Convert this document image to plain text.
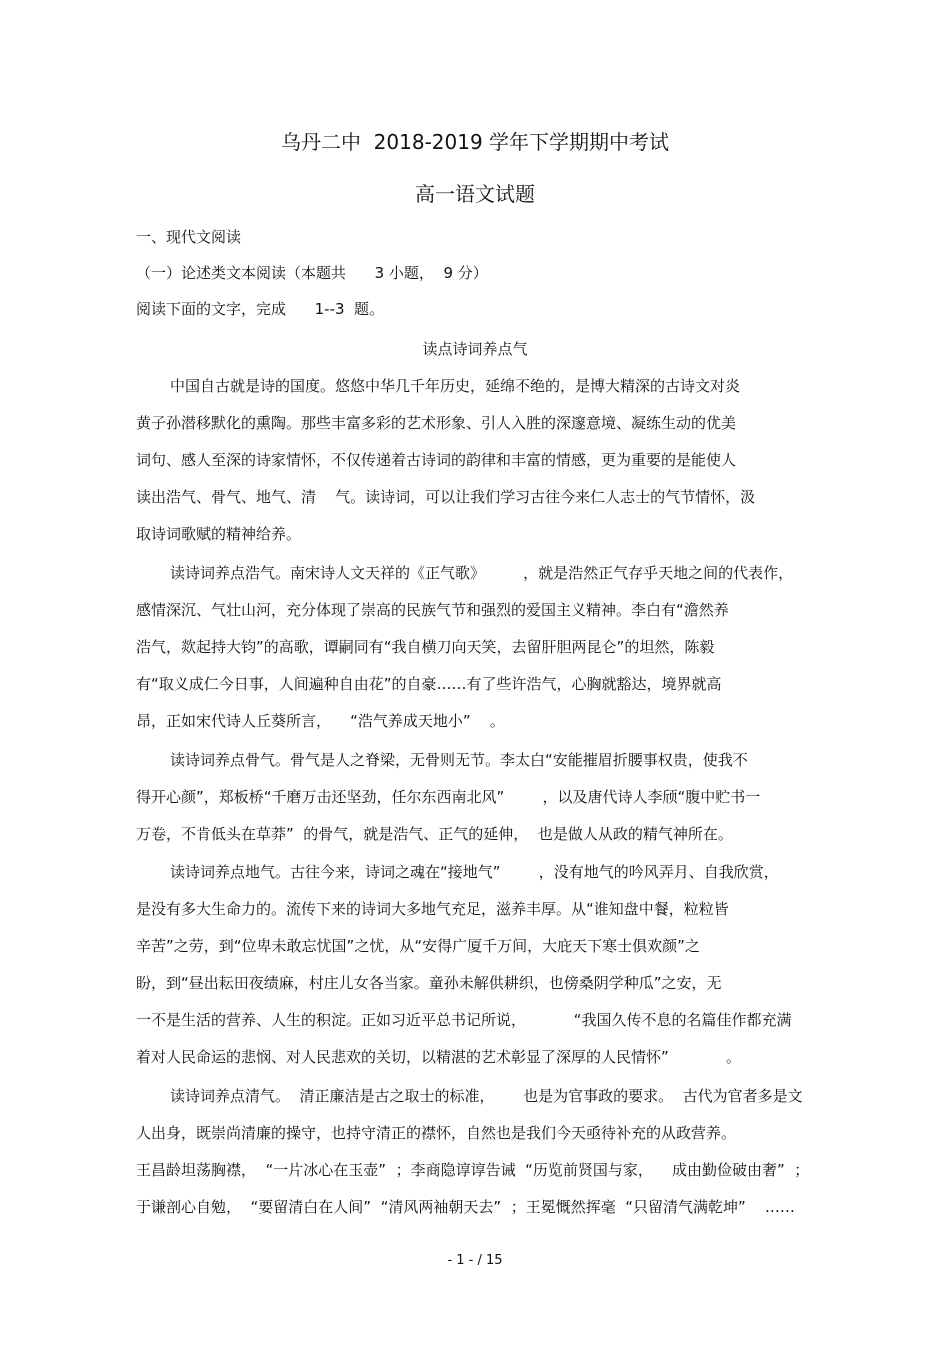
乌丹二中  2018-2019 学年下学期期中考试
高一语文试题
一、现代文阅读
（一）论述类文本阅读（本题共      3 小题，  9 分）
阅读下面的文字，完成      1--3  题。
读点诗词养点气
中国自古就是诗的国度。悠悠中华几千年历史，延绵不绝的，是博大精深的古诗文对炎
黄子孙潜移默化的熏陶。那些丰富多彩的艺术形象、引人入胜的深邃意境、凝练生动的优美
词句、感人至深的诗家情怀，不仅传递着古诗词的韵律和丰富的情感，更为重要的是能使人
读出浩气、骨气、地气、清    气。读诗词，可以让我们学习古往今来仁人志士的气节情怀，汲
取诗词歌赋的精神给养。
读诗词养点浩气。南宋诗人文天祥的《正气歌》        ，就是浩然正气存乎天地之间的代表作，
感情深沉、气壮山河，充分体现了崇高的民族气节和强烈的爱国主义精神。李白有“澹然养
浩气，欻起持大钧”的高歌，谭嗣同有“我自横刀向天笑，去留肝胆两昆仑”的坦然，陈毅
有“取义成仁今日事，人间遍种自由花”的自豪……有了些许浩气，心胸就豁达，境界就高
昂，正如宋代诗人丘葵所言，    “浩气养成天地小”    。
读诗词养点骨气。骨气是人之脊梁，无骨则无节。李太白“安能摧眉折腰事权贵，使我不
得开心颜”，郑板桥“千磨万击还坚劲，任尔东西南北风”        ，以及唐代诗人李颀“腹中贮书一
万卷，不肯低头在草莽”  的骨气，就是浩气、正气的延伸，  也是做人从政的精气神所在。
读诗词养点地气。古往今来，诗词之魂在“接地气”        ，没有地气的吟风弄月、自我欣赏，
是没有多大生命力的。流传下来的诗词大多地气充足，滋养丰厚。从“谁知盘中餐，粒粒皆
辛苦”之劳，到“位卑未敢忘忧国”之忧，从“安得广厦千万间，大庇天下寒士俱欢颜”之
盼，到“昼出耘田夜绩麻，村庄儿女各当家。童孙未解供耕织，也傍桑阴学种瓜”之安，无
一不是生活的营养、人生的积淀。正如习近平总书记所说，          “我国久传不息的名篇佳作都充满
着对人民命运的悲悯、对人民悲欢的关切，以精湛的艺术彰显了深厚的人民情怀”            。
读诗词养点清气。  清正廉洁是古之取士的标准，      也是为官事政的要求。  古代为官者多是文
人出身，既崇尚清廉的操守，也持守清正的襟怀，自然也是我们今天亟待补充的从政营养。
王昌龄坦荡胸襟，  “一片冰心在玉壶”  ；李商隐谆谆告诫  “历览前贤国与家，    成由勤俭破由奢”  ；
于谦剖心自勉，  “要留清白在人间”  “清风两袖朝天去”  ；王冕慨然挥毫  “只留清气满乾坤”    ……
- 1 - / 15
